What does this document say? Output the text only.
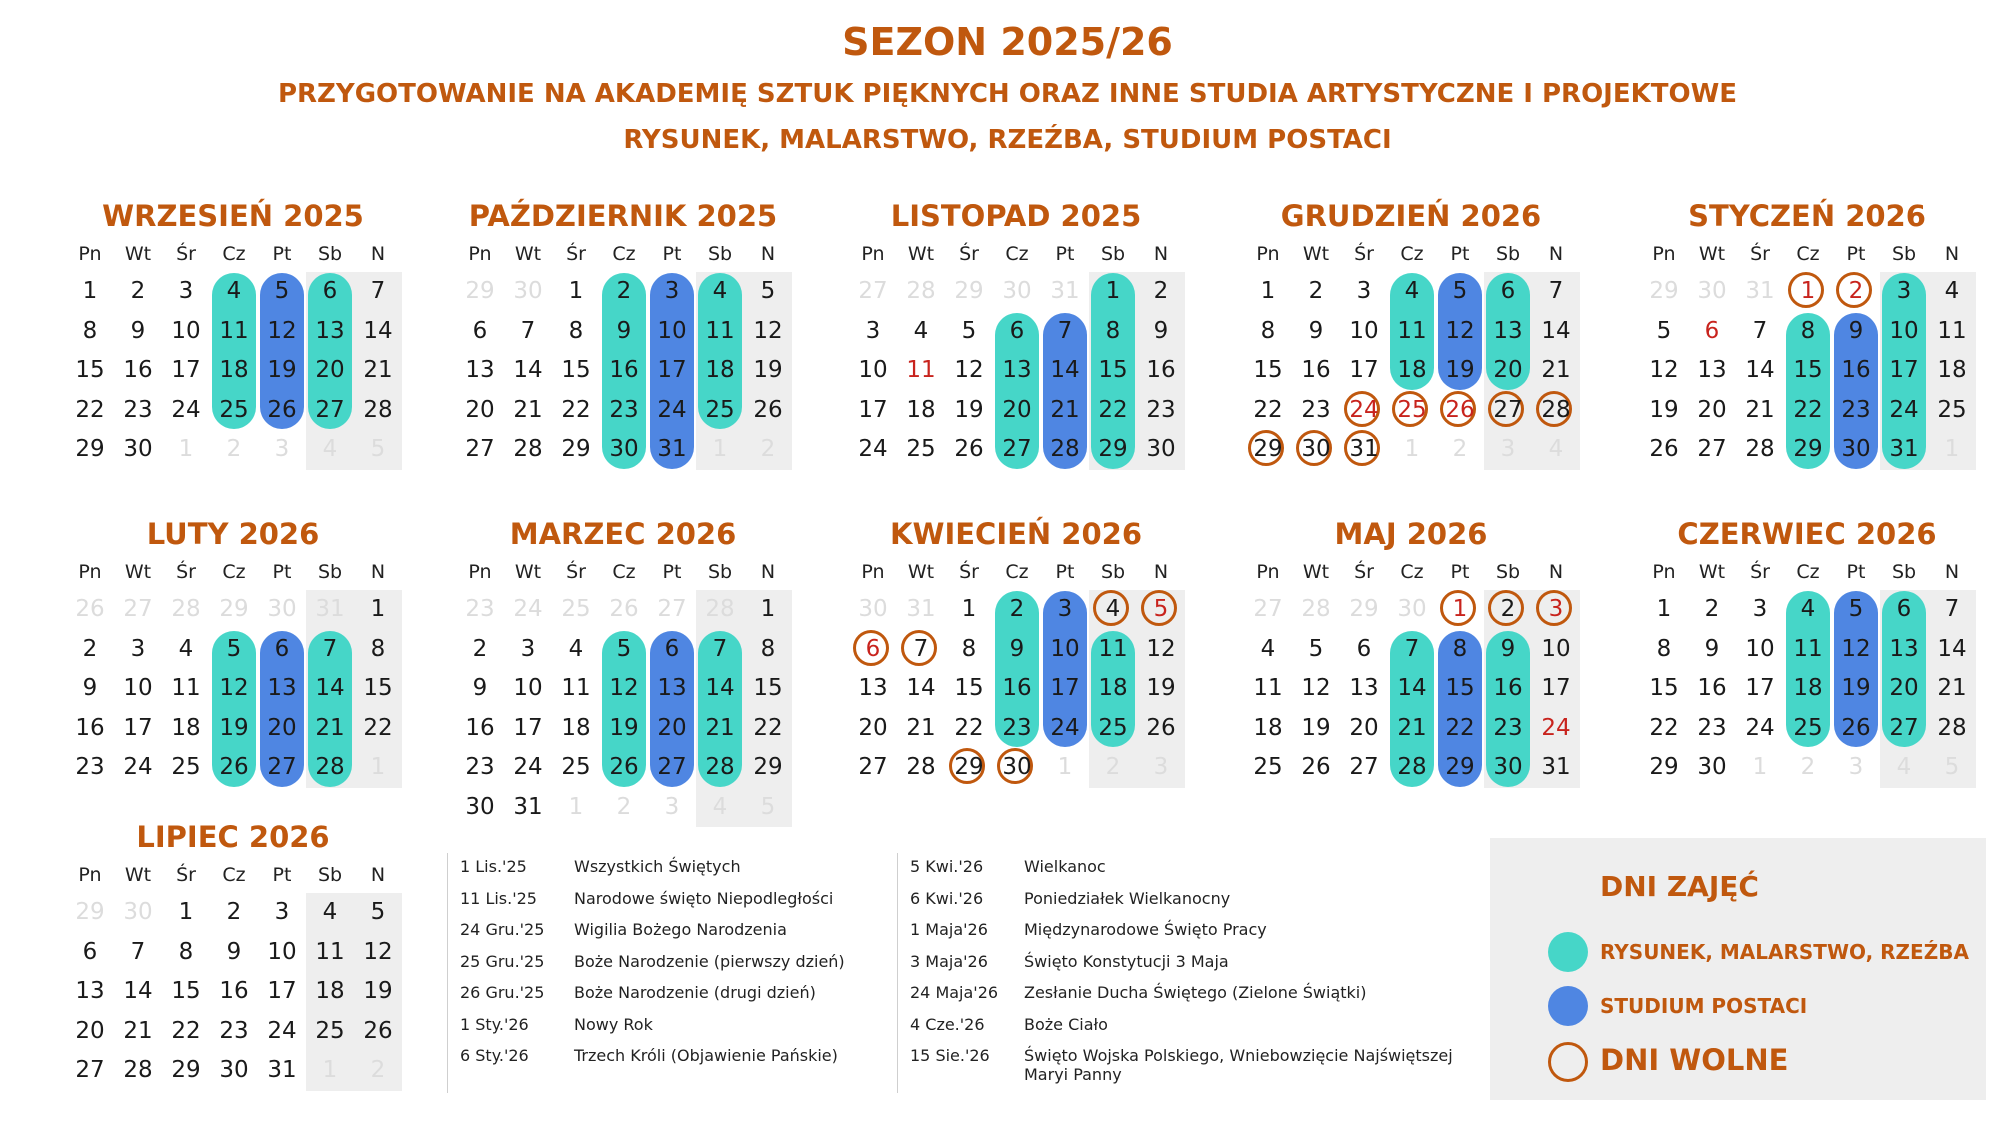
SEZON 2025/26
PRZYGOTOWANIE NA AKADEMIĘ SZTUK PIĘKNYCH ORAZ INNE STUDIA ARTYSTYCZNE I PROJEKTOWE
RYSUNEK, MALARSTWO, RZEŹBA, STUDIUM POSTACI
WRZESIEŃ 2025
Pn	Wt	Śr	Cz	Pt	Sb	N
1	2	3	4	5	6	7
8	9	10 11 12 13 14
15 16 17 18 19 20 21
22 23 24 25 26 27 28
29 30	1	2	3	4	5
PAŹDZIERNIK 2025
Pn	Wt	Śr	Cz	Pt	Sb	N
29 30	1	2	3	4	5
6	7	8	9	10 11 12
13 14 15 16 17 18 19
20 21 22 23 24 25 26
27 28 29 30 31	1	2
LISTOPAD 2025
Pn	Wt	Śr	Cz	Pt	Sb	N
27 28 29 30 31	1	2
3	4	5	6	7	8	9
10 11 12 13 14 15 16
17 18 19 20 21 22 23
24 25 26 27 28 29 30
GRUDZIEŃ 2026
Pn	Wt	Śr	Cz	Pt	Sb	N
1	2	3	4	5	6	7
8	9	10 11 12 13 14
15 16 17 18 19 20 21
22 23 24 25 26 27 28
29 30 31	1	2	3	4
STYCZEŃ 2026
Pn	Wt	Śr	Cz	Pt	Sb	N
29 30 31	1	2	3	4
5	6	7	8	9	10 11
12 13 14 15 16 17 18
19 20 21 22 23 24 25
26 27 28 29 30 31	1
LUTY 2026
Pn	Wt	Śr	Cz	Pt	Sb	N
26 27 28 29 30 31	1
2	3	4	5	6	7	8
9	10 11 12 13 14 15
16 17 18 19 20 21 22
23 24 25 26 27 28	1
MARZEC 2026
Pn	Wt	Śr	Cz	Pt	Sb	N
23 24 25 26 27 28	1
2	3	4	5	6	7	8
9	10 11 12 13 14 15
16 17 18 19 20 21 22
23 24 25 26 27 28 29
30 31	1	2	3	4	5
KWIECIEŃ 2026
Pn	Wt	Śr	Cz	Pt	Sb	N
30 31	1	2	3	4	5
6	7	8	9	10 11 12
13 14 15 16 17 18 19
20 21 22 23 24 25 26
27 28 29 30	1	2	3
MAJ 2026
Pn	Wt	Śr	Cz	Pt	Sb	N
27 28 29 30	1	2	3
4	5	6	7	8	9	10
11 12 13 14 15 16 17
18 19 20 21 22 23 24
25 26 27 28 29 30 31
CZERWIEC 2026
Pn	Wt	Śr	Cz	Pt	Sb	N
1	2	3	4	5	6	7
8	9	10 11 12 13 14
15 16 17 18 19 20 21
22 23 24 25 26 27 28
29 30	1	2	3	4	5
LIPIEC 2026
Pn	Wt	Śr	Cz	Pt	Sb	N
29 30	1	2	3	4	5
6	7	8	9	10 11 12
13 14 15 16 17 18 19
20 21 22 23 24 25 26
27 28 29 30 31	1	2
1 Lis.'25	Wszystkich Świętych
11 Lis.'25 Narodowe święto Niepodległości
24 Gru.'25 Wigilia Bożego Narodzenia
25 Gru.'25 Boże Narodzenie (pierwszy dzień)
26 Gru.'25 Boże Narodzenie (drugi dzień)
1 Sty.'26	Nowy Rok
6 Sty.'26	Trzech Króli (Objawienie Pańskie)
5 Kwi.'26	Wielkanoc
6 Kwi.'26	Poniedziałek Wielkanocny
1 Maja'26 Międzynarodowe Święto Pracy
3 Maja'26 Święto Konstytucji 3 Maja
24 Maja'26 Zesłanie Ducha Świętego (Zielone Świątki)
4 Cze.'26 Boże Ciało
15 Sie.'26 Święto Wojska Polskiego, Wniebowzięcie Najświętszej Maryi Panny
DNI ZAJĘĆ
RYSUNEK, MALARSTWO, RZEŹBA
STUDIUM POSTACI
DNI WOLNE
